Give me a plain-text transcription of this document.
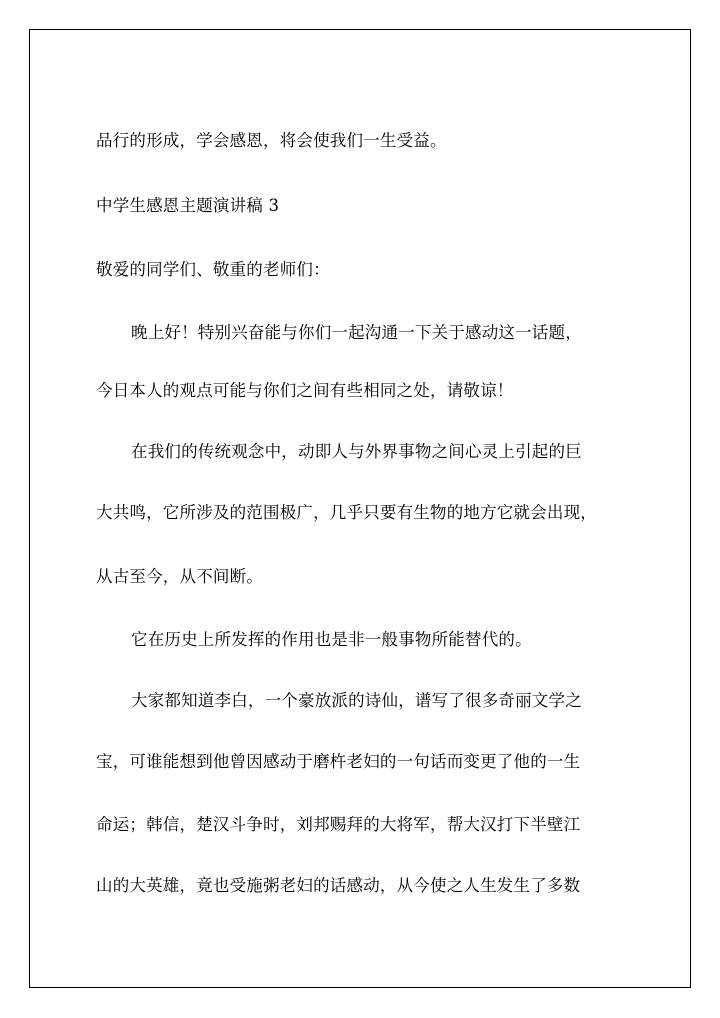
品行的形成，学会感恩，将会使我们一生受益。
中学生感恩主题演讲稿 3
敬爱的同学们、敬重的老师们：
晚上好！特别兴奋能与你们一起沟通一下关于感动这一话题，
今日本人的观点可能与你们之间有些相同之处，请敬谅！
在我们的传统观念中，动即人与外界事物之间心灵上引起的巨
大共鸣，它所涉及的范围极广，几乎只要有生物的地方它就会出现，
从古至今，从不间断。
它在历史上所发挥的作用也是非一般事物所能替代的。
大家都知道李白，一个豪放派的诗仙，谱写了很多奇丽文学之
宝，可谁能想到他曾因感动于磨杵老妇的一句话而变更了他的一生
命运；韩信，楚汉斗争时，刘邦赐拜的大将军，帮大汉打下半壁江
山的大英雄，竟也受施粥老妇的话感动，从今使之人生发生了多数
